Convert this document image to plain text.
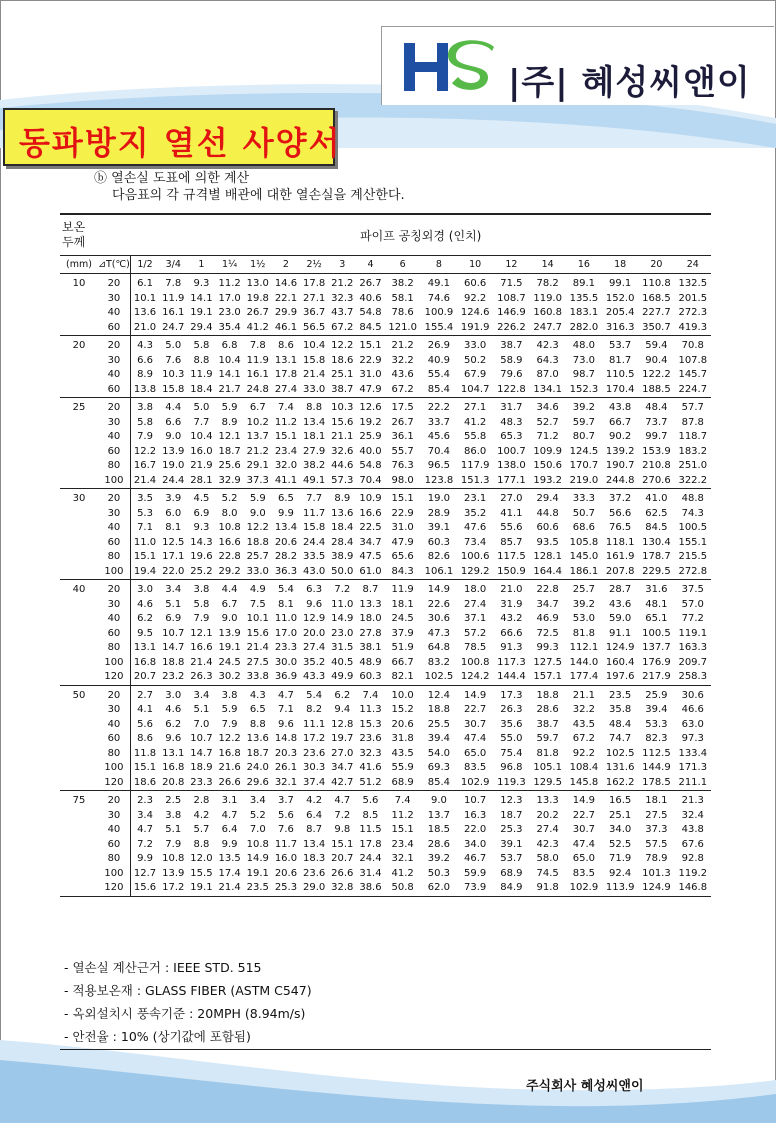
|주| 혜성씨앤이
동파방지 열선 사양서
ⓑ 열손실 도표에 의한 계산
다음표의 각 규격별 배관에 대한 열손실을 계산한다.
보온
두께		파이프 공칭외경 (인치)																	
(mm)	⊿T(℃)	1/2	3/4	1	1¼	1½	2	2½	3	4	6	8	10	12	14	16	18	20	24
10	20	6.1	7.8	9.3	11.2	13.0	14.6	17.8	21.2	26.7	38.2	49.1	60.6	71.5	78.2	89.1	99.1	110.8	132.5
	30	10.1	11.9	14.1	17.0	19.8	22.1	27.1	32.3	40.6	58.1	74.6	92.2	108.7	119.0	135.5	152.0	168.5	201.5
	40	13.6	16.1	19.1	23.0	26.7	29.9	36.7	43.7	54.8	78.6	100.9	124.6	146.9	160.8	183.1	205.4	227.7	272.3
	60	21.0	24.7	29.4	35.4	41.2	46.1	56.5	67.2	84.5	121.0	155.4	191.9	226.2	247.7	282.0	316.3	350.7	419.3
20	20	4.3	5.0	5.8	6.8	7.8	8.6	10.4	12.2	15.1	21.2	26.9	33.0	38.7	42.3	48.0	53.7	59.4	70.8
	30	6.6	7.6	8.8	10.4	11.9	13.1	15.8	18.6	22.9	32.2	40.9	50.2	58.9	64.3	73.0	81.7	90.4	107.8
	40	8.9	10.3	11.9	14.1	16.1	17.8	21.4	25.1	31.0	43.6	55.4	67.9	79.6	87.0	98.7	110.5	122.2	145.7
	60	13.8	15.8	18.4	21.7	24.8	27.4	33.0	38.7	47.9	67.2	85.4	104.7	122.8	134.1	152.3	170.4	188.5	224.7
25	20	3.8	4.4	5.0	5.9	6.7	7.4	8.8	10.3	12.6	17.5	22.2	27.1	31.7	34.6	39.2	43.8	48.4	57.7
	30	5.8	6.6	7.7	8.9	10.2	11.2	13.4	15.6	19.2	26.7	33.7	41.2	48.3	52.7	59.7	66.7	73.7	87.8
	40	7.9	9.0	10.4	12.1	13.7	15.1	18.1	21.1	25.9	36.1	45.6	55.8	65.3	71.2	80.7	90.2	99.7	118.7
	60	12.2	13.9	16.0	18.7	21.2	23.4	27.9	32.6	40.0	55.7	70.4	86.0	100.7	109.9	124.5	139.2	153.9	183.2
	80	16.7	19.0	21.9	25.6	29.1	32.0	38.2	44.6	54.8	76.3	96.5	117.9	138.0	150.6	170.7	190.7	210.8	251.0
	100	21.4	24.4	28.1	32.9	37.3	41.1	49.1	57.3	70.4	98.0	123.8	151.3	177.1	193.2	219.0	244.8	270.6	322.2
30	20	3.5	3.9	4.5	5.2	5.9	6.5	7.7	8.9	10.9	15.1	19.0	23.1	27.0	29.4	33.3	37.2	41.0	48.8
	30	5.3	6.0	6.9	8.0	9.0	9.9	11.7	13.6	16.6	22.9	28.9	35.2	41.1	44.8	50.7	56.6	62.5	74.3
	40	7.1	8.1	9.3	10.8	12.2	13.4	15.8	18.4	22.5	31.0	39.1	47.6	55.6	60.6	68.6	76.5	84.5	100.5
	60	11.0	12.5	14.3	16.6	18.8	20.6	24.4	28.4	34.7	47.9	60.3	73.4	85.7	93.5	105.8	118.1	130.4	155.1
	80	15.1	17.1	19.6	22.8	25.7	28.2	33.5	38.9	47.5	65.6	82.6	100.6	117.5	128.1	145.0	161.9	178.7	215.5
	100	19.4	22.0	25.2	29.2	33.0	36.3	43.0	50.0	61.0	84.3	106.1	129.2	150.9	164.4	186.1	207.8	229.5	272.8
40	20	3.0	3.4	3.8	4.4	4.9	5.4	6.3	7.2	8.7	11.9	14.9	18.0	21.0	22.8	25.7	28.7	31.6	37.5
	30	4.6	5.1	5.8	6.7	7.5	8.1	9.6	11.0	13.3	18.1	22.6	27.4	31.9	34.7	39.2	43.6	48.1	57.0
	40	6.2	6.9	7.9	9.0	10.1	11.0	12.9	14.9	18.0	24.5	30.6	37.1	43.2	46.9	53.0	59.0	65.1	77.2
	60	9.5	10.7	12.1	13.9	15.6	17.0	20.0	23.0	27.8	37.9	47.3	57.2	66.6	72.5	81.8	91.1	100.5	119.1
	80	13.1	14.7	16.6	19.1	21.4	23.3	27.4	31.5	38.1	51.9	64.8	78.5	91.3	99.3	112.1	124.9	137.7	163.3
	100	16.8	18.8	21.4	24.5	27.5	30.0	35.2	40.5	48.9	66.7	83.2	100.8	117.3	127.5	144.0	160.4	176.9	209.7
	120	20.7	23.2	26.3	30.2	33.8	36.9	43.3	49.9	60.3	82.1	102.5	124.2	144.4	157.1	177.4	197.6	217.9	258.3
50	20	2.7	3.0	3.4	3.8	4.3	4.7	5.4	6.2	7.4	10.0	12.4	14.9	17.3	18.8	21.1	23.5	25.9	30.6
	30	4.1	4.6	5.1	5.9	6.5	7.1	8.2	9.4	11.3	15.2	18.8	22.7	26.3	28.6	32.2	35.8	39.4	46.6
	40	5.6	6.2	7.0	7.9	8.8	9.6	11.1	12.8	15.3	20.6	25.5	30.7	35.6	38.7	43.5	48.4	53.3	63.0
	60	8.6	9.6	10.7	12.2	13.6	14.8	17.2	19.7	23.6	31.8	39.4	47.4	55.0	59.7	67.2	74.7	82.3	97.3
	80	11.8	13.1	14.7	16.8	18.7	20.3	23.6	27.0	32.3	43.5	54.0	65.0	75.4	81.8	92.2	102.5	112.5	133.4
	100	15.1	16.8	18.9	21.6	24.0	26.1	30.3	34.7	41.6	55.9	69.3	83.5	96.8	105.1	108.4	131.6	144.9	171.3
	120	18.6	20.8	23.3	26.6	29.6	32.1	37.4	42.7	51.2	68.9	85.4	102.9	119.3	129.5	145.8	162.2	178.5	211.1
75	20	2.3	2.5	2.8	3.1	3.4	3.7	4.2	4.7	5.6	7.4	9.0	10.7	12.3	13.3	14.9	16.5	18.1	21.3
	30	3.4	3.8	4.2	4.7	5.2	5.6	6.4	7.2	8.5	11.2	13.7	16.3	18.7	20.2	22.7	25.1	27.5	32.4
	40	4.7	5.1	5.7	6.4	7.0	7.6	8.7	9.8	11.5	15.1	18.5	22.0	25.3	27.4	30.7	34.0	37.3	43.8
	60	7.2	7.9	8.8	9.9	10.8	11.7	13.4	15.1	17.8	23.4	28.6	34.0	39.1	42.3	47.4	52.5	57.5	67.6
	80	9.9	10.8	12.0	13.5	14.9	16.0	18.3	20.7	24.4	32.1	39.2	46.7	53.7	58.0	65.0	71.9	78.9	92.8
	100	12.7	13.9	15.5	17.4	19.1	20.6	23.6	26.6	31.4	41.2	50.3	59.9	68.9	74.5	83.5	92.4	101.3	119.2
	120	15.6	17.2	19.1	21.4	23.5	25.3	29.0	32.8	38.6	50.8	62.0	73.9	84.9	91.8	102.9	113.9	124.9	146.8
- 열손실 계산근거 : IEEE STD. 515
- 적용보온재 : GLASS FIBER (ASTM C547)
- 옥외설치시 풍속기준 : 20MPH (8.94m/s)
- 안전율 : 10% (상기값에 포함됨)
주식회사 혜성씨앤이
